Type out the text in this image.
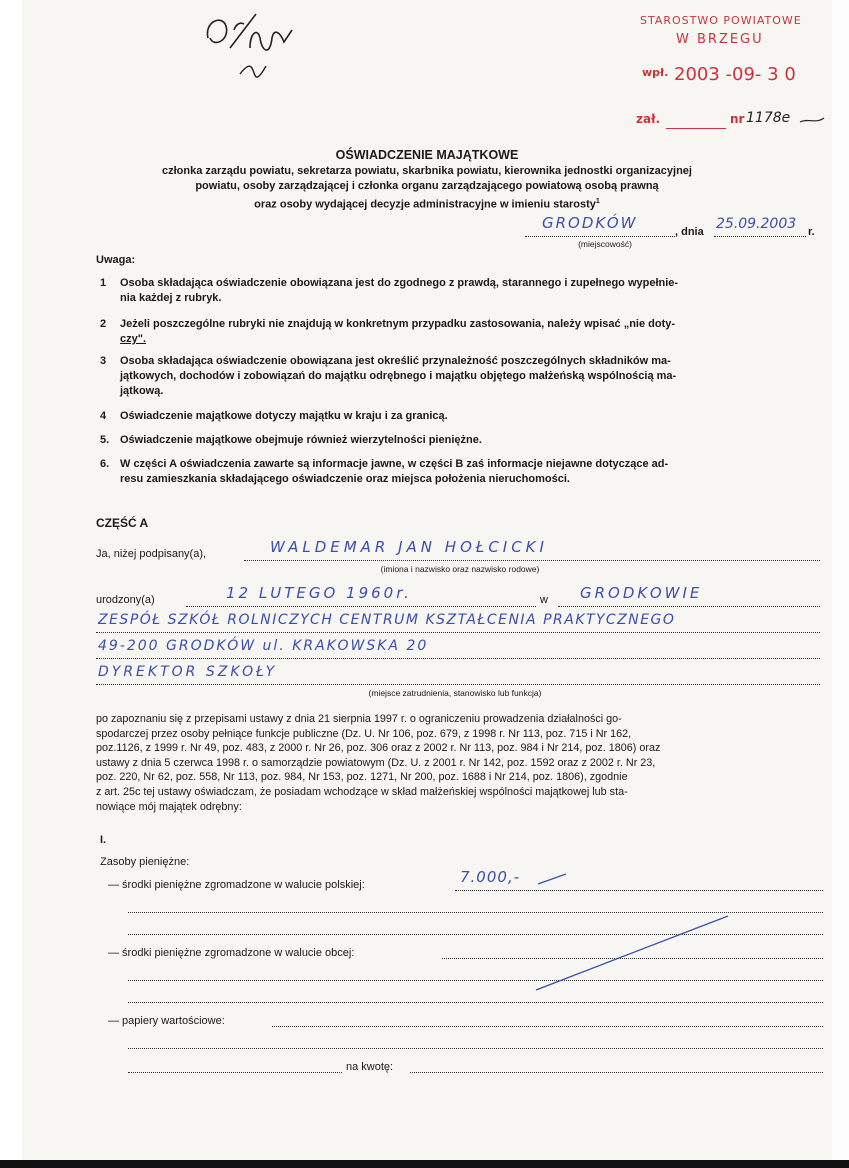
STAROSTWO POWIATOWE
W BRZEGU
wpł. 2003 -09- 3 0
zał.	nr 1178e
OŚWIADCZENIE MAJĄTKOWE
członka zarządu powiatu, sekretarza powiatu, skarbnika powiatu, kierownika jednostki organizacyjnej
powiatu, osoby zarządzającej i członka organu zarządzającego powiatową osobą prawną
oraz osoby wydającej decyzje administracyjne w imieniu starosty$^1$
GRODKÓW	, dnia 25.09.2003 r.
(miejscowość)
Uwaga:
1 Osoba składająca oświadczenie obowiązana jest do zgodnego z prawdą, starannego i zupełnego wypełnie-
nia każdej z rubryk.
2 Jeżeli poszczególne rubryki nie znajdują w konkretnym przypadku zastosowania, należy wpisać „nie doty-
czy".
3 Osoba składająca oświadczenie obowiązana jest określić przynależność poszczególnych składników ma-
jątkowych, dochodów i zobowiązań do majątku odrębnego i majątku objętego małżeńską wspólnością ma-
jątkową.
4 Oświadczenie majątkowe dotyczy majątku w kraju i za granicą.
5. Oświadczenie majątkowe obejmuje również wierzytelności pieniężne.
6. W części A oświadczenia zawarte są informacje jawne, w części B zaś informacje niejawne dotyczące ad-
resu zamieszkania składającego oświadczenie oraz miejsca położenia nieruchomości.
CZĘŚĆ A
Ja, niżej podpisany(a),	WALDEMAR JAN HOŁCICKI
(imiona i nazwisko oraz nazwisko rodowe)
urodzony(a)	12 LUTEGO 1960r.	w GRODKOWIE
ZESPÓŁ SZKÓŁ ROLNICZYCH CENTRUM KSZTAŁCENIA PRAKTYCZNEGO
49-200 GRODKÓW ul. KRAKOWSKA 20
DYREKTOR SZKOŁY
(miejsce zatrudnienia, stanowisko lub funkcja)
po zapoznaniu się z przepisami ustawy z dnia 21 sierpnia 1997 r. o ograniczeniu prowadzenia działalności go-
spodarczej przez osoby pełniące funkcje publiczne (Dz. U. Nr 106, poz. 679, z 1998 r. Nr 113, poz. 715 i Nr 162,
poz.1126, z 1999 r. Nr 49, poz. 483, z 2000 r. Nr 26, poz. 306 oraz z 2002 r. Nr 113, poz. 984 i Nr 214, poz. 1806) oraz
ustawy z dnia 5 czerwca 1998 r. o samorządzie powiatowym (Dz. U. z 2001 r. Nr 142, poz. 1592 oraz z 2002 r. Nr 23,
poz. 220, Nr 62, poz. 558, Nr 113, poz. 984, Nr 153, poz. 1271, Nr 200, poz. 1688 i Nr 214, poz. 1806), zgodnie
z art. 25c tej ustawy oświadczam, że posiadam wchodzące w skład małżeńskiej wspólności majątkowej lub sta-
nowiące mój majątek odrębny:
I.
Zasoby pieniężne:
— środki pieniężne zgromadzone w walucie polskiej:	7.000,-
— środki pieniężne zgromadzone w walucie obcej:
— papiery wartościowe:
na kwotę:
